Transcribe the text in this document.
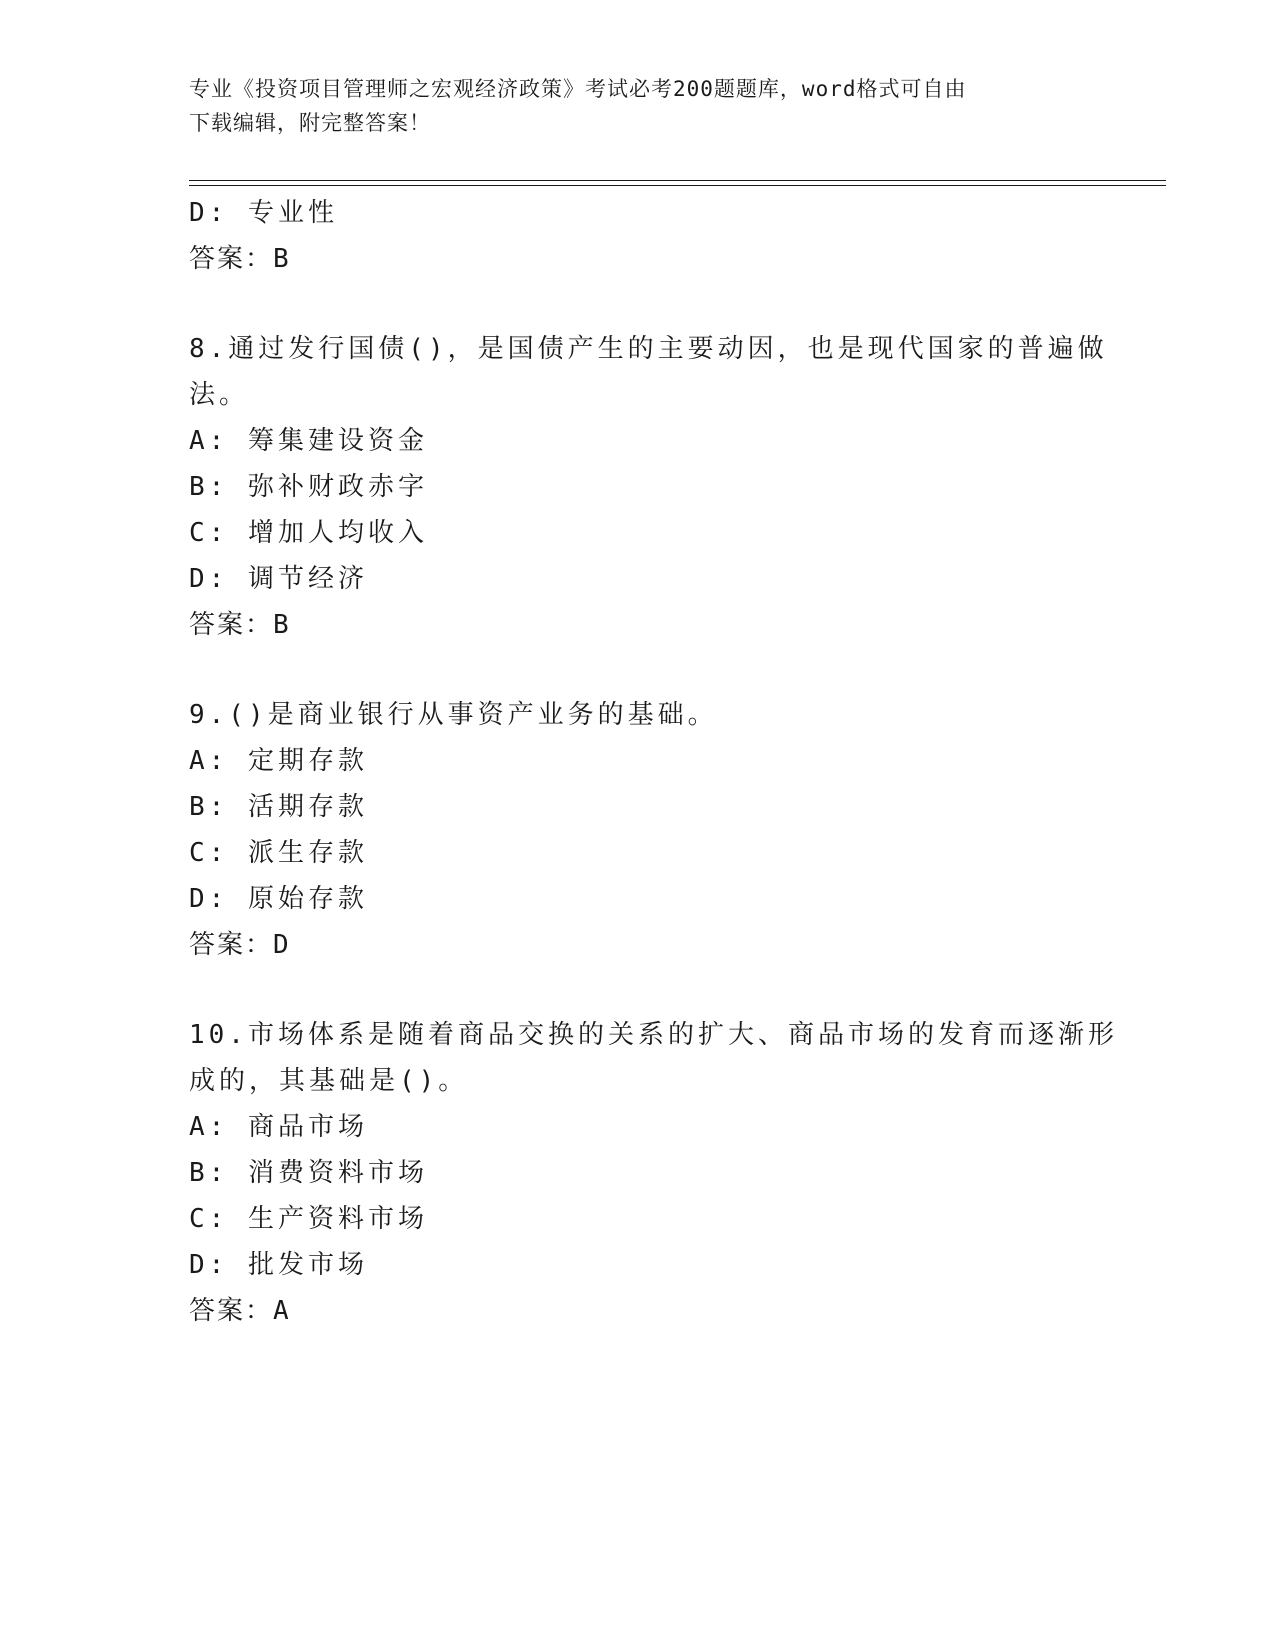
专业《投资项目管理师之宏观经济政策》考试必考200题题库，word格式可自由
下载编辑，附完整答案！
D: 专业性
答案：B
8.通过发行国债()，是国债产生的主要动因，也是现代国家的普遍做
法。
A: 筹集建设资金
B: 弥补财政赤字
C: 增加人均收入
D: 调节经济
答案：B
9.()是商业银行从事资产业务的基础。
A: 定期存款
B: 活期存款
C: 派生存款
D: 原始存款
答案：D
10.市场体系是随着商品交换的关系的扩大、商品市场的发育而逐渐形
成的，其基础是()。
A: 商品市场
B: 消费资料市场
C: 生产资料市场
D: 批发市场
答案：A
